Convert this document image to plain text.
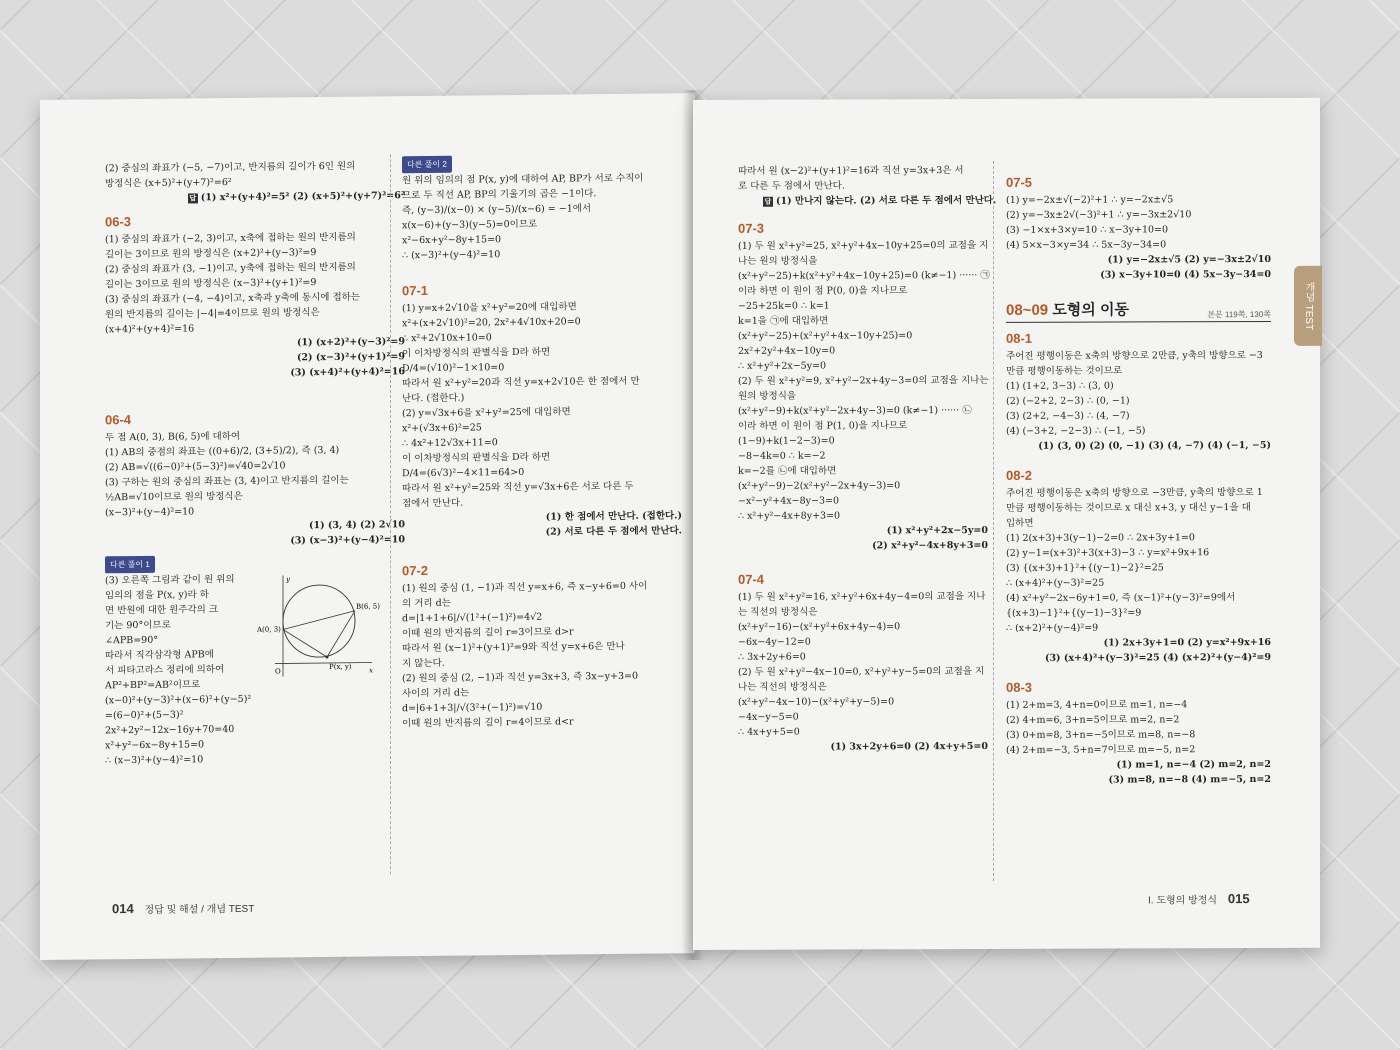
(2) 중심의 좌표가 (−5, −7)이고, 반지름의 길이가 6인 원의

방정식은 (x+5)²+(y+7)²=6²

답 (1) x²+(y+4)²=5² (2) (x+5)²+(y+7)²=6²

06-3

(1) 중심의 좌표가 (−2, 3)이고, x축에 접하는 원의 반지름의

길이는 3이므로 원의 방정식은 (x+2)²+(y−3)²=9

(2) 중심의 좌표가 (3, −1)이고, y축에 접하는 원의 반지름의

길이는 3이므로 원의 방정식은 (x−3)²+(y+1)²=9

(3) 중심의 좌표가 (−4, −4)이고, x축과 y축에 동시에 접하는

원의 반지름의 길이는 |−4|=4이므로 원의 방정식은

(x+4)²+(y+4)²=16

(1) (x+2)²+(y−3)²=9

(2) (x−3)²+(y+1)²=9

(3) (x+4)²+(y+4)²=16

06-4

두 점 A(0, 3), B(6, 5)에 대하여

(1) AB의 중점의 좌표는 ((0+6)/2, (3+5)/2), 즉 (3, 4)

(2) AB=√((6−0)²+(5−3)²)=√40=2√10

(3) 구하는 원의 중심의 좌표는 (3, 4)이고 반지름의 길이는

½AB=√10이므로 원의 방정식은

(x−3)²+(y−4)²=10

(1) (3, 4) (2) 2√10

(3) (x−3)²+(y−4)²=10

다른 풀이 1

(3) 오른쪽 그림과 같이 원 위의

임의의 점을 P(x, y)라 하

면 반원에 대한 원주각의 크

기는 90°이므로

∠APB=90°

따라서 직각삼각형 APB에

서 피타고라스 정리에 의하여

AP²+BP²=AB²이므로

(x−0)²+(y−3)²+(x−6)²+(y−5)²

=(6−0)²+(5−3)²

2x²+2y²−12x−16y+70=40

x²+y²−6x−8y+15=0

∴ (x−3)²+(y−4)²=10

A(0, 3)
B(6, 5)
P(x, y)
O	x
y

다른 풀이 2

원 위의 임의의 점 P(x, y)에 대하여 AP, BP가 서로 수직이

므로 두 직선 AP, BP의 기울기의 곱은 −1이다.

즉, (y−3)/(x−0) × (y−5)/(x−6) = −1에서

x(x−6)+(y−3)(y−5)=0이므로

x²−6x+y²−8y+15=0

∴ (x−3)²+(y−4)²=10

07-1

(1) y=x+2√10을 x²+y²=20에 대입하면

x²+(x+2√10)²=20, 2x²+4√10x+20=0

∴ x²+2√10x+10=0

이 이차방정식의 판별식을 D라 하면

D/4=(√10)²−1×10=0

따라서 원 x²+y²=20과 직선 y=x+2√10은 한 점에서 만

난다. (접한다.)

(2) y=√3x+6을 x²+y²=25에 대입하면

x²+(√3x+6)²=25

∴ 4x²+12√3x+11=0

이 이차방정식의 판별식을 D라 하면

D/4=(6√3)²−4×11=64>0

따라서 원 x²+y²=25와 직선 y=√3x+6은 서로 다른 두

점에서 만난다.

(1) 한 점에서 만난다. (접한다.)

(2) 서로 다른 두 점에서 만난다.

07-2

(1) 원의 중심 (1, −1)과 직선 y=x+6, 즉 x−y+6=0 사이

의 거리 d는

d=|1+1+6|/√(1²+(−1)²)=4√2

이때 원의 반지름의 길이 r=3이므로 d>r

따라서 원 (x−1)²+(y+1)²=9와 직선 y=x+6은 만나

지 않는다.

(2) 원의 중심 (2, −1)과 직선 y=3x+3, 즉 3x−y+3=0

사이의 거리 d는

d=|6+1+3|/√(3²+(−1)²)=√10

이때 원의 반지름의 길이 r=4이므로 d<r

014 정답 및 해설 / 개념 TEST

따라서 원 (x−2)²+(y+1)²=16과 직선 y=3x+3은 서

로 다른 두 점에서 만난다.

답 (1) 만나지 않는다. (2) 서로 다른 두 점에서 만난다.

07-3

(1) 두 원 x²+y²=25, x²+y²+4x−10y+25=0의 교점을 지

나는 원의 방정식을

(x²+y²−25)+k(x²+y²+4x−10y+25)=0 (k≠−1) ······ ㉠

이라 하면 이 원이 점 P(0, 0)을 지나므로

−25+25k=0 ∴ k=1

k=1을 ㉠에 대입하면

(x²+y²−25)+(x²+y²+4x−10y+25)=0

2x²+2y²+4x−10y=0

∴ x²+y²+2x−5y=0

(2) 두 원 x²+y²=9, x²+y²−2x+4y−3=0의 교점을 지나는

원의 방정식을

(x²+y²−9)+k(x²+y²−2x+4y−3)=0 (k≠−1) ······ ㉡

이라 하면 이 원이 점 P(1, 0)을 지나므로

(1−9)+k(1−2−3)=0

−8−4k=0 ∴ k=−2

k=−2를 ㉡에 대입하면

(x²+y²−9)−2(x²+y²−2x+4y−3)=0

−x²−y²+4x−8y−3=0

∴ x²+y²−4x+8y+3=0

(1) x²+y²+2x−5y=0

(2) x²+y²−4x+8y+3=0

07-4

(1) 두 원 x²+y²=16, x²+y²+6x+4y−4=0의 교점을 지나

는 직선의 방정식은

(x²+y²−16)−(x²+y²+6x+4y−4)=0

−6x−4y−12=0

∴ 3x+2y+6=0

(2) 두 원 x²+y²−4x−10=0, x²+y²+y−5=0의 교점을 지

나는 직선의 방정식은

(x²+y²−4x−10)−(x²+y²+y−5)=0

−4x−y−5=0

∴ 4x+y+5=0

(1) 3x+2y+6=0 (2) 4x+y+5=0

07-5

(1) y=−2x±√(−2)²+1 ∴ y=−2x±√5

(2) y=−3x±2√(−3)²+1 ∴ y=−3x±2√10

(3) −1×x+3×y=10 ∴ x−3y+10=0

(4) 5×x−3×y=34 ∴ 5x−3y−34=0

(1) y=−2x±√5 (2) y=−3x±2√10

(3) x−3y+10=0 (4) 5x−3y−34=0

08~09 도형의 이동	본문 119쪽, 130쪽
08-1

주어진 평행이동은 x축의 방향으로 2만큼, y축의 방향으로 −3

만큼 평행이동하는 것이므로

(1) (1+2, 3−3) ∴ (3, 0)

(2) (−2+2, 2−3) ∴ (0, −1)

(3) (2+2, −4−3) ∴ (4, −7)

(4) (−3+2, −2−3) ∴ (−1, −5)

(1) (3, 0) (2) (0, −1) (3) (4, −7) (4) (−1, −5)

08-2

주어진 평행이동은 x축의 방향으로 −3만큼, y축의 방향으로 1

만큼 평행이동하는 것이므로 x 대신 x+3, y 대신 y−1을 대

입하면

(1) 2(x+3)+3(y−1)−2=0 ∴ 2x+3y+1=0

(2) y−1=(x+3)²+3(x+3)−3 ∴ y=x²+9x+16

(3) {(x+3)+1}²+{(y−1)−2}²=25

∴ (x+4)²+(y−3)²=25

(4) x²+y²−2x−6y+1=0, 즉 (x−1)²+(y−3)²=9에서

{(x+3)−1}²+{(y−1)−3}²=9

∴ (x+2)²+(y−4)²=9

(1) 2x+3y+1=0 (2) y=x²+9x+16

(3) (x+4)²+(y−3)²=25 (4) (x+2)²+(y−4)²=9

08-3

(1) 2+m=3, 4+n=0이므로 m=1, n=−4

(2) 4+m=6, 3+n=5이므로 m=2, n=2

(3) 0+m=8, 3+n=−5이므로 m=8, n=−8

(4) 2+m=−3, 5+n=7이므로 m=−5, n=2

(1) m=1, n=−4 (2) m=2, n=2

(3) m=8, n=−8 (4) m=−5, n=2

개념 TEST
I. 도형의 방정식 015
